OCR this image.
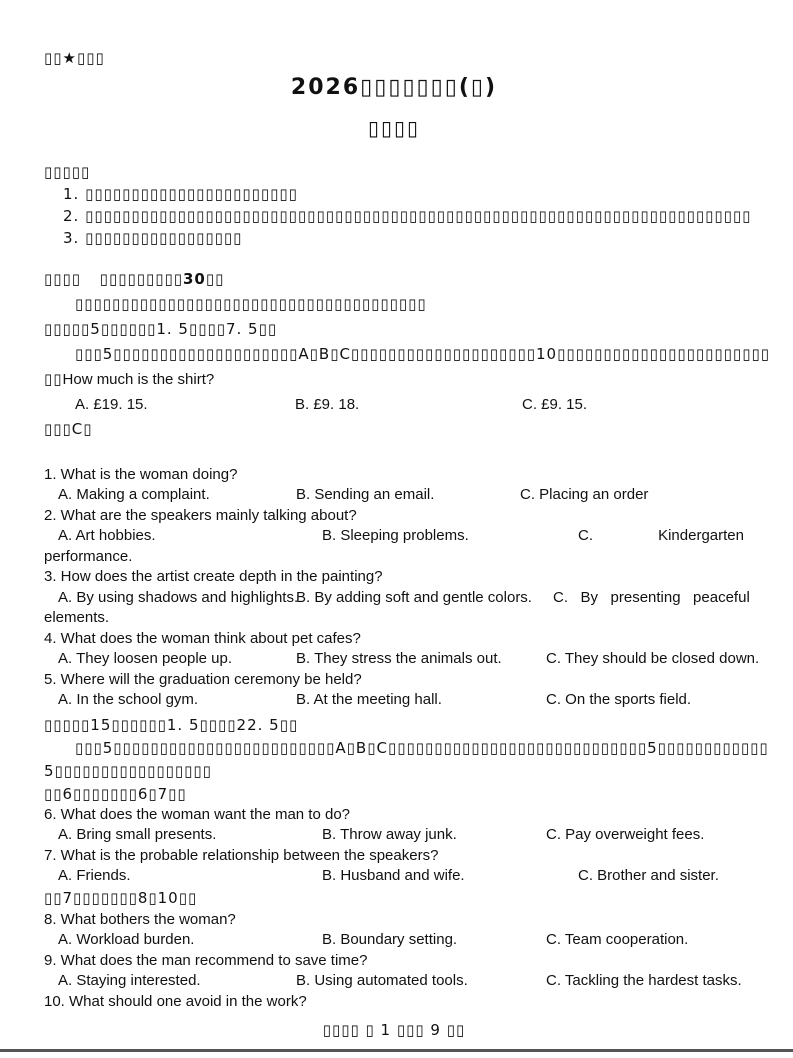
▯▯★▯▯▯
2026▯▯▯▯▯▯▯(▯)
▯▯▯▯
▯▯▯▯▯
1. ▯▯▯▯▯▯▯▯▯▯▯▯▯▯▯▯▯▯▯▯▯▯▯
2. ▯▯▯▯▯▯▯▯▯▯▯▯▯▯▯▯▯▯▯▯▯▯▯▯▯▯▯▯▯▯▯▯▯▯▯▯▯▯▯▯▯▯▯▯▯▯▯▯▯▯▯▯▯▯▯▯▯▯▯▯▯▯▯▯▯▯▯▯▯▯▯▯
3. ▯▯▯▯▯▯▯▯▯▯▯▯▯▯▯▯▯
▯▯▯▯   ▯▯▯▯▯▯▯▯▯30▯▯
▯▯▯▯▯▯▯▯▯▯▯▯▯▯▯▯▯▯▯▯▯▯▯▯▯▯▯▯▯▯▯▯▯▯▯▯▯▯
▯▯▯▯▯5▯▯▯▯▯▯1. 5▯▯▯▯7. 5▯▯
▯▯▯5▯▯▯▯▯▯▯▯▯▯▯▯▯▯▯▯▯▯▯▯A▯B▯C▯▯▯▯▯▯▯▯▯▯▯▯▯▯▯▯▯▯▯▯10▯▯▯▯▯▯▯▯▯▯▯▯▯▯▯▯▯▯▯▯▯▯▯
▯▯How much is the shirt?

A. £19. 15.

	B. £9. 18.

	C. £9. 15.

▯▯▯C▯
1. What is the woman doing?

A. Making a complaint.

	B. Sending an email.

	C. Placing an order

2. What are the speakers mainly talking about?

A. Art hobbies.

	B. Sleeping problems.

	C.

	Kindergarten

performance.
3. How does the artist create depth in the painting?

A. By using shadows and highlights.

B. By adding soft and gentle colors.

C.   By   presenting   peaceful

elements.
4. What does the woman think about pet cafes?

A. They loosen people up.

	B. They stress the animals out.

	C. They should be closed down.

5. Where will the graduation ceremony be held?

A. In the school gym.

	B. At the meeting hall.

	C. On the sports field.

▯▯▯▯▯15▯▯▯▯▯▯1. 5▯▯▯▯22. 5▯▯
▯▯▯5▯▯▯▯▯▯▯▯▯▯▯▯▯▯▯▯▯▯▯▯▯▯▯▯A▯B▯C▯▯▯▯▯▯▯▯▯▯▯▯▯▯▯▯▯▯▯▯▯▯▯▯▯▯▯▯5▯▯▯▯▯▯▯▯▯▯▯▯
5▯▯▯▯▯▯▯▯▯▯▯▯▯▯▯▯▯
▯▯6▯▯▯▯▯▯▯6▯7▯▯
6. What does the woman want the man to do?

A. Bring small presents.

	B. Throw away junk.

	C. Pay overweight fees.

7. What is the probable relationship between the speakers?

A. Friends.

	B. Husband and wife.

	C. Brother and sister.

▯▯7▯▯▯▯▯▯▯8▯10▯▯
8. What bothers the woman?

A. Workload burden.

	B. Boundary setting.

	C. Team cooperation.

9. What does the man recommend to save time?

A. Staying interested.

	B. Using automated tools.

	C. Tackling the hardest tasks.

10. What should one avoid in the work?
▯▯▯▯ ▯ 1 ▯▯▯ 9 ▯▯
